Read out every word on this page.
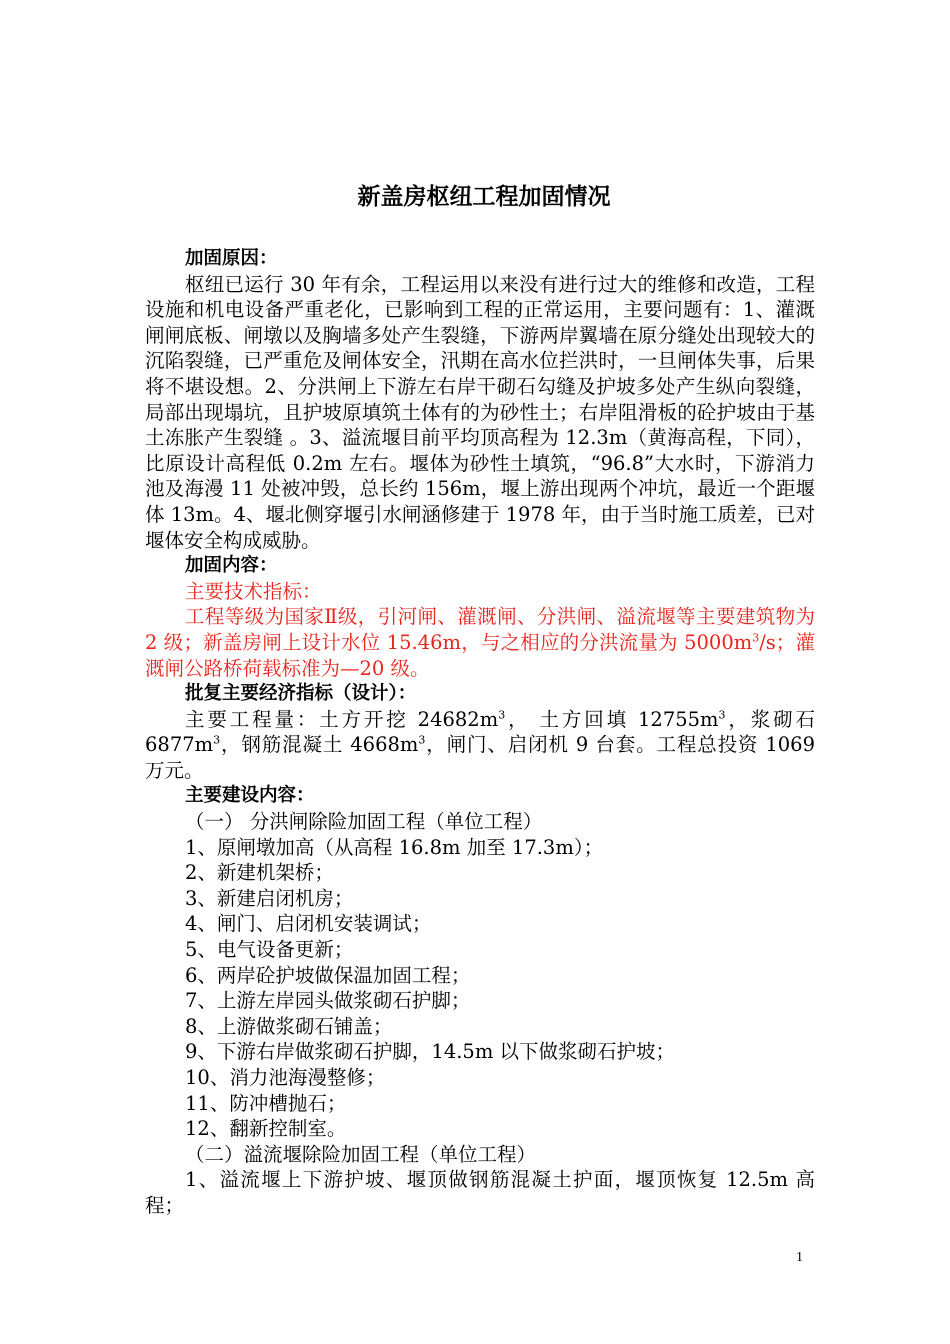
新盖房枢纽工程加固情况

加固原因：

枢纽已运行 30 年有余，工程运用以来没有进行过大的维修和改造，工程设施和机电设备严重老化，已影响到工程的正常运用，主要问题有：1、灌溉闸闸底板、闸墩以及胸墙多处产生裂缝，下游两岸翼墙在原分缝处出现较大的沉陷裂缝，已严重危及闸体安全，汛期在高水位拦洪时，一旦闸体失事，后果将不堪设想。2、分洪闸上下游左右岸干砌石勾缝及护坡多处产生纵向裂缝，局部出现塌坑，且护坡原填筑土体有的为砂性土；右岸阻滑板的砼护坡由于基土冻胀产生裂缝 。3、溢流堰目前平均顶高程为 12.3m（黄海高程，下同），比原设计高程低 0.2m 左右。堰体为砂性土填筑，“96.8”大水时，下游消力池及海漫 11 处被冲毁，总长约 156m，堰上游出现两个冲坑，最近一个距堰体 13m。4、堰北侧穿堰引水闸涵修建于 1978 年，由于当时施工质差，已对堰体安全构成威胁。

加固内容：

主要技术指标：

工程等级为国家Ⅱ级，引河闸、灌溉闸、分洪闸、溢流堰等主要建筑物为 2 级；新盖房闸上设计水位 15.46m，与之相应的分洪流量为 $5000m^3/s$；灌溉闸公路桥荷载标准为—20 级。

批复主要经济指标（设计）：

主要工程量：土方开挖 $24682m^3$， 土方回填 $12755m^3$，浆砌石 $6877m^3$，钢筋混凝土 $4668m^3$，闸门、启闭机 9 台套。工程总投资 1069 万元。

主要建设内容：

（一） 分洪闸除险加固工程（单位工程）

1、原闸墩加高（从高程 16.8m 加至 17.3m）；

2、新建机架桥；

3、新建启闭机房；

4、闸门、启闭机安装调试；

5、电气设备更新；

6、两岸砼护坡做保温加固工程；

7、上游左岸园头做浆砌石护脚；

8、上游做浆砌石铺盖；

9、下游右岸做浆砌石护脚，14.5m 以下做浆砌石护坡；

10、消力池海漫整修；

11、防冲槽抛石；

12、翻新控制室。

（二）溢流堰除险加固工程（单位工程）

1、溢流堰上下游护坡、堰顶做钢筋混凝土护面，堰顶恢复 12.5m 高程；

1
